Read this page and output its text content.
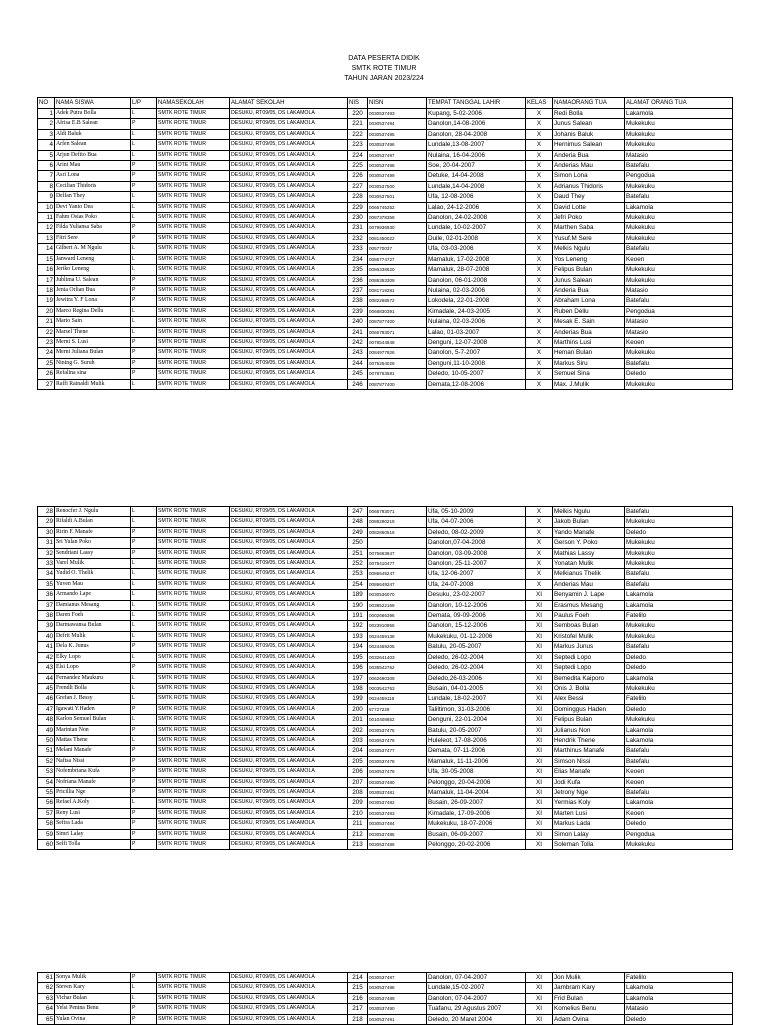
DATA PESERTA DIDIK
SMTK ROTE TIMUR
TAHUN JARAN 2023/224
NO	NAMA SISWA	L/P	NAMASEKOLAH	ALAMAT SEKOLAH	NIS	NISN	TEMPAT TANGGAL LAHIR	KELAS	NAMAORANG TUA	ALAMAT ORANG TUA
1	Adek Putra Bolla	L	SMTK ROTE TIMUR	DESUKU, RT09/05, DS LAKAMOLA	220	0030537493	Kupang, 5-02-2006	X	Redi Bolla	Lakamola
2	Afrisa E.B Salean	P	SMTK ROTE TIMUR	DESUKU, RT09/05, DS LAKAMOLA	221	0030537494	Danolon,14-08-2006	X	Junus Salean	Mukekuku
3	Aldi Baluk	L	SMTK ROTE TIMUR	DESUKU, RT09/05, DS LAKAMOLA	222	0030537495	Danolon, 28-04-2008	X	Johanis Baluk	Mukekuku
4	Arfen Salean	L	SMTK ROTE TIMUR	DESUKU, RT09/05, DS LAKAMOLA	223	0030537496	Lundale,13-08-2007	X	Hernimus Salean	Mukekuku
5	Arjun Defito Bua	L	SMTK ROTE TIMUR	DESUKU, RT09/05, DS LAKAMOLA	224	0030537497	Nulaina, 16-04-2006	X	Anderia Bua	Matasio
6	Arini Mau	P	SMTK ROTE TIMUR	DESUKU, RT09/05, DS LAKAMOLA	225	0030537498	Soe, 20-04-2007	X	Anderias Mau	Batefalu
7	Asri Lona	P	SMTK ROTE TIMUR	DESUKU, RT09/05, DS LAKAMOLA	226	0030537499	Detuke, 14-04-2008	X	Simon Lona	Pengodua
8	Cecilian Thidoris	P	SMTK ROTE TIMUR	DESUKU, RT09/05, DS LAKAMOLA	227	0030537500	Lundale,14-04-2008	X	Adrianus Thidoris	Mukekuku
9	Delfan They	L	SMTK ROTE TIMUR	DESUKU, RT09/05, DS LAKAMOLA	228	0030537501	Ufa, 12-08-2006	X	Daud They	Batefalu
10	Devi Yanto Dea	L	SMTK ROTE TIMUR	DESUKU, RT09/05, DS LAKAMOLA	229	0066745252	Lalao, 24-12-2006	X	David Lotte	Lakamola
11	Fahm Osias Poko	L	SMTK ROTE TIMUR	DESUKU, RT09/05, DS LAKAMOLA	230	0087378359	Danolon, 24-02-2008	X	Jefri Poko	Mukekuku
12	Filda Yuliansa Saba	P	SMTK ROTE TIMUR	DESUKU, RT09/05, DS LAKAMOLA	231	0079936930	Lundale, 10-02-2007	X	Marthen Saba	Mukekuku
13	Fitri Sere	P	SMTK ROTE TIMUR	DESUKU, RT09/05, DS LAKAMOLA	232	0081450022	Duile, 02-01-2008	X	Yusuf.M Sere	Mukekuku
14	Gilbert A. M Ngulu	L	SMTK ROTE TIMUR	DESUKU, RT09/05, DS LAKAMOLA	233	005770037	Ufa, 03-03-2006	X	Melkis Ngulu	Batefalu
15	Janward Leneng	L	SMTK ROTE TIMUR	DESUKU, RT09/05, DS LAKAMOLA	234	0086774727	Mamaluk, 17-02-2008	X	Yos Leneng	Keoen
16	Jeriko Leneng	L	SMTK ROTE TIMUR	DESUKU, RT09/05, DS LAKAMOLA	235	0086338620	Mamaluk, 28-07-2008	X	Felipus Bulan	Mukekuku
17	Jublima U. Salean	P	SMTK ROTE TIMUR	DESUKU, RT09/05, DS LAKAMOLA	236	0086353309	Danolon, 06-01-2008	X	Junus Salean	Mukekuku
18	Jenia Orlian Bua	P	SMTK ROTE TIMUR	DESUKU, RT09/05, DS LAKAMOLA	237	0081719281	Nulaina, 02-03-2006	X	Anderia Bua	Matasio
19	Jewitra Y. F Lona	P	SMTK ROTE TIMUR	DESUKU, RT09/05, DS LAKAMOLA	238	0082268572	Lokodela, 22-01-2008	X	Abraham Lona	Batefalu
20	Marco Regina Dellu	L	SMTK ROTE TIMUR	DESUKU, RT09/05, DS LAKAMOLA	239	0066830391	Kimadale, 24-03-2005	X	Ruben Dellu	Pengodua
21	Mario Sain	L	SMTK ROTE TIMUR	DESUKU, RT09/05, DS LAKAMOLA	240	0087877400	Nulaina, 02-03-2006	X	Mesak E. Sain	Matasio
22	Marsel Thene	L	SMTK ROTE TIMUR	DESUKU, RT09/05, DS LAKAMOLA	241	0066793071	Lalao, 01-03-2007	X	Anderias Bua	Matasio
23	Merni S. Lusi	P	SMTK ROTE TIMUR	DESUKU, RT09/05, DS LAKAMOLA	242	0078544848	Denguni, 12-07-2008	X	Marthins Lusi	Keoen
24	Merni Juliana Bulan	P	SMTK ROTE TIMUR	DESUKU, RT09/05, DS LAKAMOLA	243	0084977826	Danolon, 5-7-2007	X	Heman Bulan	Mukekuku
25	Nining G. Suruh	P	SMTK ROTE TIMUR	DESUKU, RT09/05, DS LAKAMOLA	244	0075254029	Denguni,11-10-2008	X	Markus Siru	Batefalu
26	Refalina sina	P	SMTK ROTE TIMUR	DESUKU, RT09/05, DS LAKAMOLA	245	0078763581	Deledo, 10-05-2007	X	Semuel Sina	Deledo
27	Raffi Rainaldi Mulik	L	SMTK ROTE TIMUR	DESUKU, RT09/05, DS LAKAMOLA	246	0087877400	Demata,12-08-2006	X	Max. J.Mulik	Mukekuku
28	Renocfer J. Ngulu	L	SMTK ROTE TIMUR	DESUKU, RT09/05, DS LAKAMOLA	247	0066793071	Ufa, 05-10-2009	X	Melkis Ngulu	Batefalu
29	Rifaldi A.Bulan	L	SMTK ROTE TIMUR	DESUKU, RT09/05, DS LAKAMOLA	248	0088290219	Ufa, 04-07-2006	X	Jakob Bulan	Mukekuku
30	Ririn F. Manafe	P	SMTK ROTE TIMUR	DESUKU, RT09/05, DS LAKAMOLA	249	0082860516	Deledo, 08-02-2009	X	Yando Manafe	Deledo
31	Sri Yulan Poko	P	SMTK ROTE TIMUR	DESUKU, RT09/05, DS LAKAMOLA	250		Danolon,07-04-2008	X	Gerson Y. Poko	Mukekuku
32	Sendriani Lassy	P	SMTK ROTE TIMUR	DESUKU, RT09/05, DS LAKAMOLA	251	0075663847	Danolon, 03-09-2008	X	Mathias Lassy	Mukekuku
33	Varel Mulik	L	SMTK ROTE TIMUR	DESUKU, RT09/05, DS LAKAMOLA	252	0075410477	Danolon, 25-11-2007	X	Yonatan Mulik	Mukekuku
34	Yudid O. Thelik	L	SMTK ROTE TIMUR	DESUKU, RT09/05, DS LAKAMOLA	253	0086649247	Ufa, 12-06-2007	X	Melkianus Thelik	Batefalu
35	Yuven Mau	L	SMTK ROTE TIMUR	DESUKU, RT09/05, DS LAKAMOLA	254	0086649247	Ufa, 24-07-2008	X	Anderias Mau	Batefalu
36	Armando Lape	L	SMTK ROTE TIMUR	DESUKU, RT09/05, DS LAKAMOLA	189	0030536070	Desuku, 23-02-2007	XI	Benyamin J. Lape	Lakamola
37	Damianus Mesang	L	SMTK ROTE TIMUR	DESUKU, RT09/05, DS LAKAMOLA	190	0038522169	Danolon, 10-12-2006	XI	Erasmus Mesang	Lakamola
38	Daren Foeh	L	SMTK ROTE TIMUR	DESUKU, RT09/05, DS LAKAMOLA	191	0002666396	Demata, 09-09-2006	XI	Paulus Foeh	Fatelilo
39	Darmawansa Bulan	L	SMTK ROTE TIMUR	DESUKU, RT09/05, DS LAKAMOLA	192	0023910955	Danolon, 15-12-2006	XI	Semboas Bulan	Mukekuku
40	Defrit Mulik	L	SMTK ROTE TIMUR	DESUKU, RT09/05, DS LAKAMOLA	193	0024459138	Mukekuku, 01-12-2006	XI	Kristofel Mulik	Mukekuku
41	Dela K. Junus	P	SMTK ROTE TIMUR	DESUKU, RT09/05, DS LAKAMOLA	194	0024459205	Batulu, 20-05-2007	XI	Markus Junus	Batefalu
42	Elky Lopo	L	SMTK ROTE TIMUR	DESUKU, RT09/05, DS LAKAMOLA	195	0032641403	Deledo, 26-02-2004	XI	Septedi Lopo	Deledo
43	Elsi Lopo	P	SMTK ROTE TIMUR	DESUKU, RT09/05, DS LAKAMOLA	196	0035542762	Deledo, 26-02-2004	XI	Septedi Lopo	Deledo
44	Fernandez Maukuru	L	SMTK ROTE TIMUR	DESUKU, RT09/05, DS LAKAMOLA	197	0062690309	Deledo,26-03-2006	XI	Bemedita Kaiporo	Lakamola
45	Frendli Bolla	L	SMTK ROTE TIMUR	DESUKU, RT09/05, DS LAKAMOLA	198	0003542763	Busain, 04-01-2005	XI	Onis J. Bolla	Mukekuku
46	Grefan J. Bessy	L	SMTK ROTE TIMUR	DESUKU, RT09/05, DS LAKAMOLA	199	0024459119	Lundale, 18-02-2007	XI	Alex Bessi	Fatelilo
47	Igawati Y.Haden	P	SMTK ROTE TIMUR	DESUKU, RT09/05, DS LAKAMOLA	200	67727228	Taliltimon, 31-03-2006	XI	Dominggus Haden	Deledo
48	Karlon Semuel Bulan	L	SMTK ROTE TIMUR	DESUKU, RT09/05, DS LAKAMOLA	201	0010408852	Denguni, 22-01-2004	XI	Felipus Bulan	Mukekuku
49	Marintan Non	P	SMTK ROTE TIMUR	DESUKU, RT09/05, DS LAKAMOLA	202	0030537475	Batulu, 20-05-2007	XI	Julianus Non	Lakamola
50	Mattas Thene	L	SMTK ROTE TIMUR	DESUKU, RT09/05, DS LAKAMOLA	203	0030537476	Huleleot, 17-08-2006	XI	Hendrik Thene	Lakamola
51	Melani Manafe	P	SMTK ROTE TIMUR	DESUKU, RT09/05, DS LAKAMOLA	204	0030537477	Demata, 07-11-2006	XI	Marthinus Manafe	Batefalu
52	Nafisa Nissi	P	SMTK ROTE TIMUR	DESUKU, RT09/05, DS LAKAMOLA	205	0030537478	Mamaluk, 11-11-2006	XI	Simson Nissi	Batefalu
53	Nofembriana Kufa	P	SMTK ROTE TIMUR	DESUKU, RT09/05, DS LAKAMOLA	206	0030537479	Ufa, 30-05-2008	XI	Elias Manafe	Keoen
54	Nofriana Manafe	P	SMTK ROTE TIMUR	DESUKU, RT09/05, DS LAKAMOLA	207	0030537480	Pelonggo, 20-04-2006	XI	Jodi Kufa	Keoen
55	Pricillia Nge	P	SMTK ROTE TIMUR	DESUKU, RT09/05, DS LAKAMOLA	208	0030537481	Mamaluk, 11-04-2004	XI	Jetrony Nge	Batefalu
56	Refael A.Koly	L	SMTK ROTE TIMUR	DESUKU, RT09/05, DS LAKAMOLA	209	0030537482	Busain, 26-09-2007	XI	Yermias Koly	Lakamola
57	Reny Lusi	P	SMTK ROTE TIMUR	DESUKU, RT09/05, DS LAKAMOLA	210	0030537483	Kimadale, 17-09-2006	XI	Marten Lusi	Keoen
58	Sefira Lada	P	SMTK ROTE TIMUR	DESUKU, RT09/05, DS LAKAMOLA	211	0030537484	Mukekuku, 18-07-2006	XI	Markus Lada	Deledo
59	Simri Lalay	P	SMTK ROTE TIMUR	DESUKU, RT09/05, DS LAKAMOLA	212	0030537485	Busain, 06-09-2007	XI	Simon Lalay	Pengodua
60	Selfi Tolla	P	SMTK ROTE TIMUR	DESUKU, RT09/05, DS LAKAMOLA	213	0030537486	Pelonggo, 20-02-2006	XI	Soleman Tolla	Mukekuku
61	Sonya Mulik	P	SMTK ROTE TIMUR	DESUKU, RT09/05, DS LAKAMOLA	214	0030537487	Danolon, 07-04-2007	XI	Jon Mulik	Fatelilo
62	Steven Kary	L	SMTK ROTE TIMUR	DESUKU, RT09/05, DS LAKAMOLA	215	0030537488	Lundale,15-02-2007	XI	Jambram Kary	Lakamola
63	Vichar Bulan	L	SMTK ROTE TIMUR	DESUKU, RT09/05, DS LAKAMOLA	216	0030537489	Danolon, 07-04-2007	XI	Frid Bulan	Lakamola
64	Yelsi Penina Benu	P	SMTK ROTE TIMUR	DESUKU, RT09/05, DS LAKAMOLA	217	0030537490	Tuafanu, 29 Agustus 2007	XI	Komelius Benu	Matasio
65	Yulan Ovina	P	SMTK ROTE TIMUR	DESUKU, RT09/05, DS LAKAMOLA	218	0030537491	Deledo, 20 Maret 2004	XI	Adam Ovina	Deledo
